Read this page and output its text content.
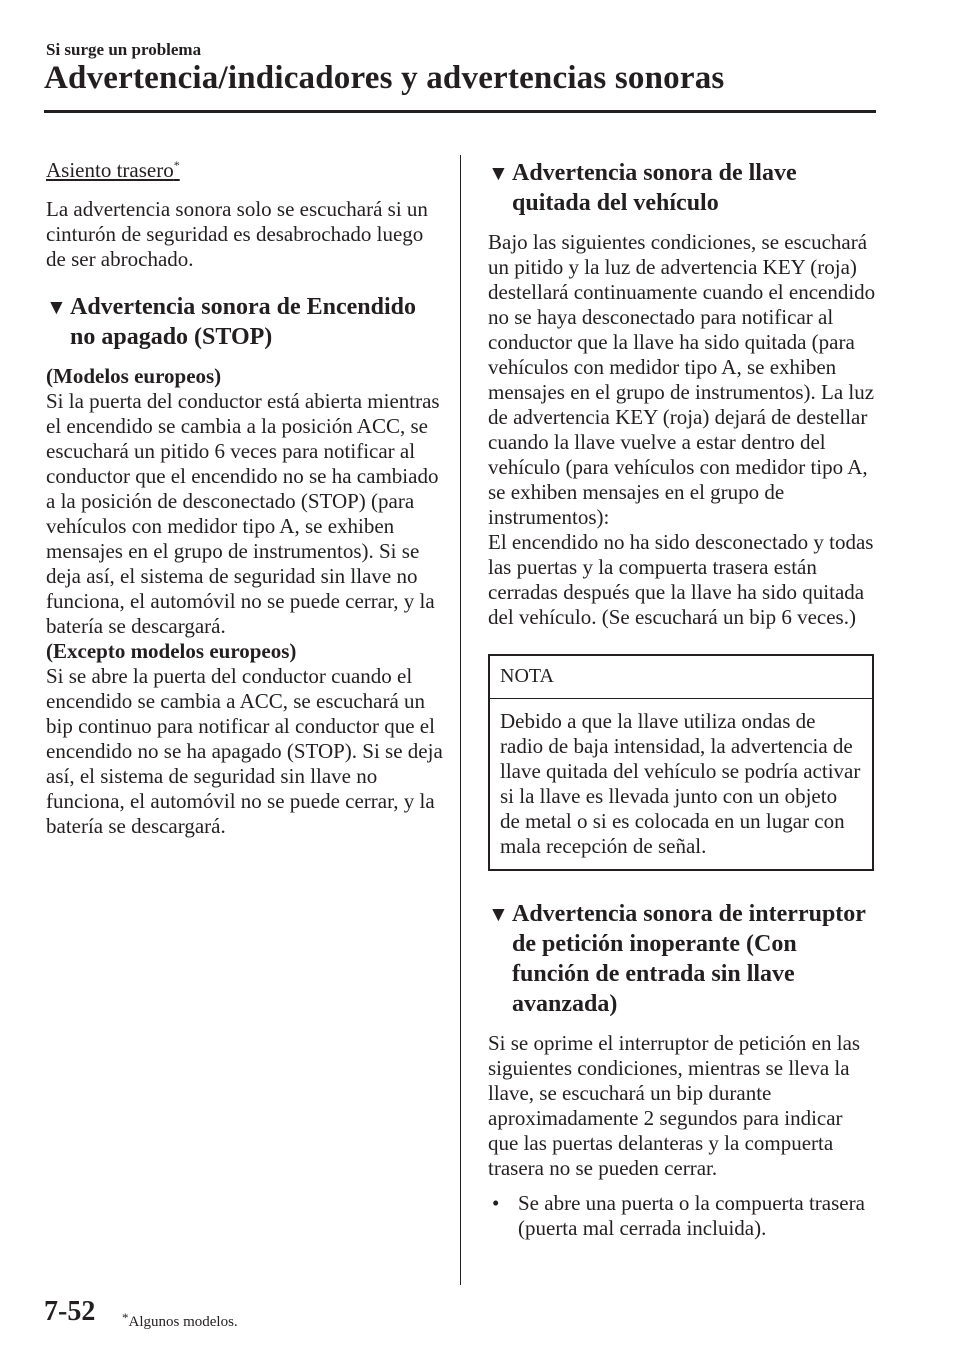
Si surge un problema
Advertencia/indicadores y advertencias sonoras
Asiento trasero*

La advertencia sonora solo se escuchará si un cinturón de seguridad es desabrochado luego de ser abrochado.

▼ Advertencia sonora de Encendido no apagado (STOP)

(Modelos europeos)

Si la puerta del conductor está abierta mientras el encendido se cambia a la posición ACC, se escuchará un pitido 6 veces para notificar al conductor que el encendido no se ha cambiado a la posición de desconectado (STOP) (para vehículos con medidor tipo A, se exhiben mensajes en el grupo de instrumentos). Si se deja así, el sistema de seguridad sin llave no funciona, el automóvil no se puede cerrar, y la batería se descargará.

(Excepto modelos europeos)

Si se abre la puerta del conductor cuando el encendido se cambia a ACC, se escuchará un bip continuo para notificar al conductor que el encendido no se ha apagado (STOP). Si se deja así, el sistema de seguridad sin llave no funciona, el automóvil no se puede cerrar, y la batería se descargará.

▼ Advertencia sonora de llave quitada del vehículo

Bajo las siguientes condiciones, se escuchará un pitido y la luz de advertencia KEY (roja) destellará continuamente cuando el encendido no se haya desconectado para notificar al conductor que la llave ha sido quitada (para vehículos con medidor tipo A, se exhiben mensajes en el grupo de instrumentos). La luz de advertencia KEY (roja) dejará de destellar cuando la llave vuelve a estar dentro del vehículo (para vehículos con medidor tipo A, se exhiben mensajes en el grupo de instrumentos):

El encendido no ha sido desconectado y todas las puertas y la compuerta trasera están cerradas después que la llave ha sido quitada del vehículo. (Se escuchará un bip 6 veces.)

NOTA
Debido a que la llave utiliza ondas de radio de baja intensidad, la advertencia de llave quitada del vehículo se podría activar si la llave es llevada junto con un objeto de metal o si es colocada en un lugar con mala recepción de señal.
▼ Advertencia sonora de interruptor de petición inoperante (Con función de entrada sin llave avanzada)

Si se oprime el interruptor de petición en las siguientes condiciones, mientras se lleva la llave, se escuchará un bip durante aproximadamente 2 segundos para indicar que las puertas delanteras y la compuerta trasera no se pueden cerrar.

• Se abre una puerta o la compuerta trasera (puerta mal cerrada incluida).
7-52 *Algunos modelos.
